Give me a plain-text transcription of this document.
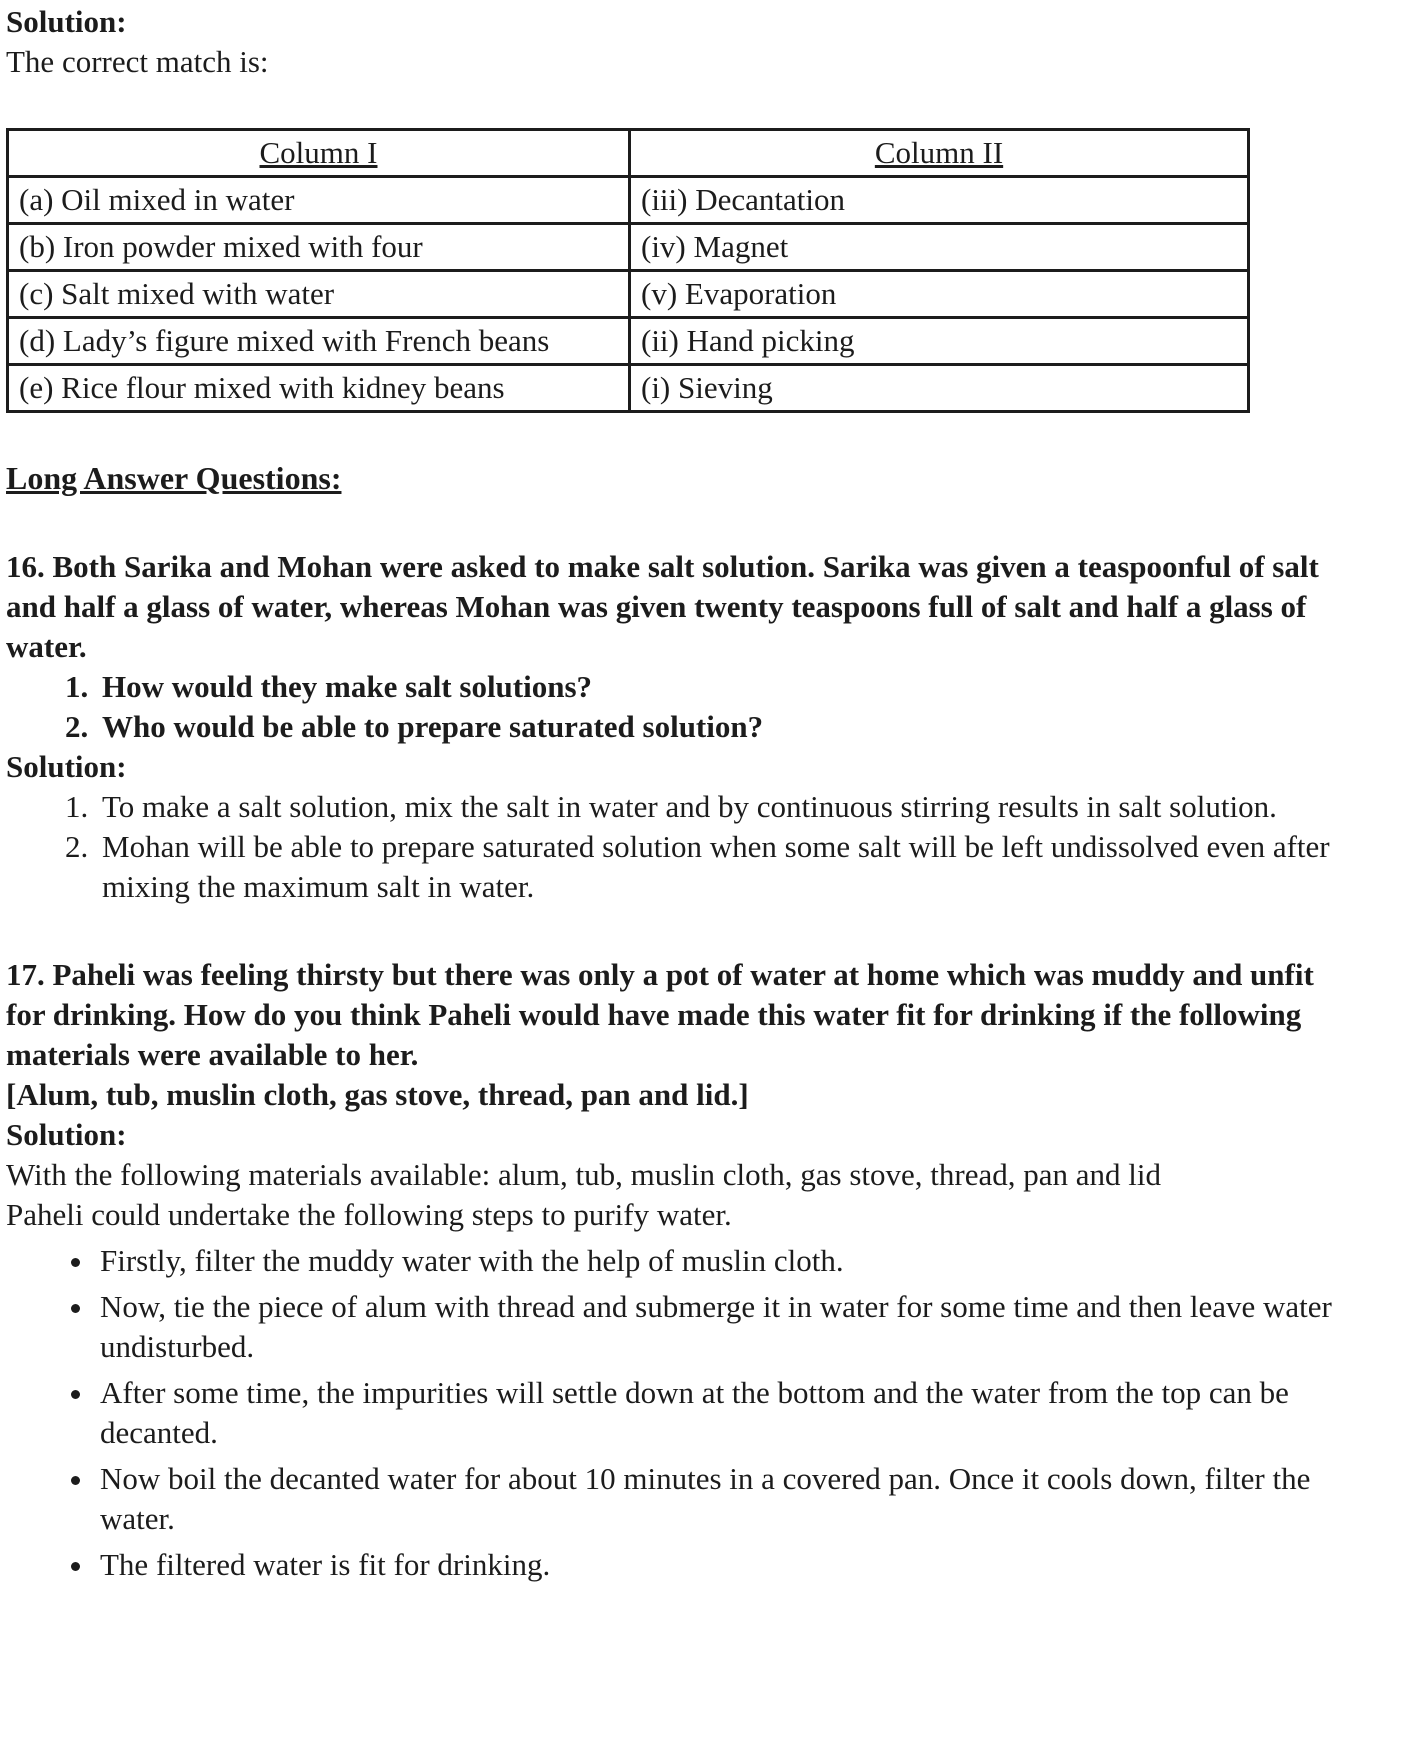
Solution:

The correct match is:

Column I	Column II
(a) Oil mixed in water	(iii) Decantation
(b) Iron powder mixed with four	(iv) Magnet
(c) Salt mixed with water	(v) Evaporation
(d) Lady’s figure mixed with French beans	(ii) Hand picking
(e) Rice flour mixed with kidney beans	(i) Sieving

Long Answer Questions:

16. Both Sarika and Mohan were asked to make salt solution. Sarika was given a teaspoonful of salt and half a glass of water, whereas Mohan was given twenty teaspoons full of salt and half a glass of water.

1. How would they make salt solutions?
2. Who would be able to prepare saturated solution?

Solution:

1. To make a salt solution, mix the salt in water and by continuous stirring results in salt solution.
2. Mohan will be able to prepare saturated solution when some salt will be left undissolved even after mixing the maximum salt in water.

17. Paheli was feeling thirsty but there was only a pot of water at home which was muddy and unfit for drinking. How do you think Paheli would have made this water fit for drinking if the following materials were available to her.

[Alum, tub, muslin cloth, gas stove, thread, pan and lid.]

Solution:

With the following materials available: alum, tub, muslin cloth, gas stove, thread, pan and lid

Paheli could undertake the following steps to purify water.

• Firstly, filter the muddy water with the help of muslin cloth.
• Now, tie the piece of alum with thread and submerge it in water for some time and then leave water undisturbed.
• After some time, the impurities will settle down at the bottom and the water from the top can be decanted.
• Now boil the decanted water for about 10 minutes in a covered pan. Once it cools down, filter the water.
• The filtered water is fit for drinking.
